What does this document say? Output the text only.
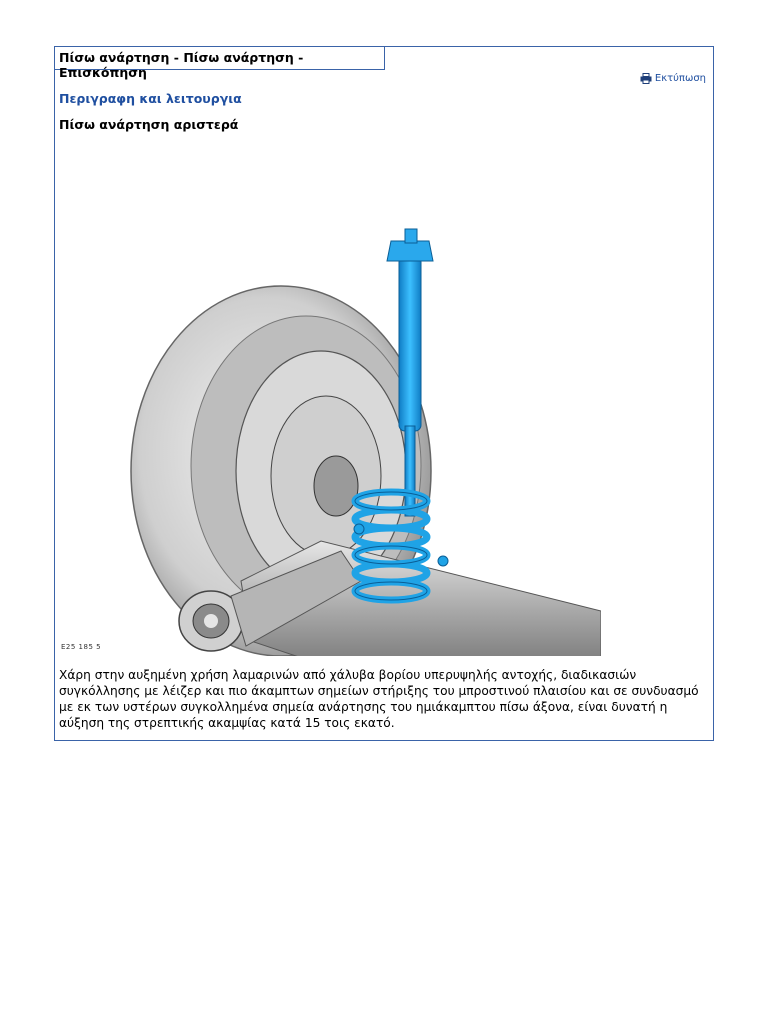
Πίσω ανάρτηση - Πίσω ανάρτηση - Επισκόπηση	Εκτύπωση
Περιγραφη και λειτουργια
Πίσω ανάρτηση αριστερά
E25 185 5
Χάρη στην αυξημένη χρήση λαμαρινών από χάλυβα βορίου υπερυψηλής αντοχής, διαδικασιών συγκόλλησης με λέιζερ και πιο άκαμπτων σημείων στήριξης του μπροστινού πλαισίου και σε συνδυασμό με εκ των υστέρων συγκολλημένα σημεία ανάρτησης του ημιάκαμπτου πίσω άξονα, είναι δυνατή η αύξηση της στρεπτικής ακαμψίας κατά 15 τοις εκατό.
